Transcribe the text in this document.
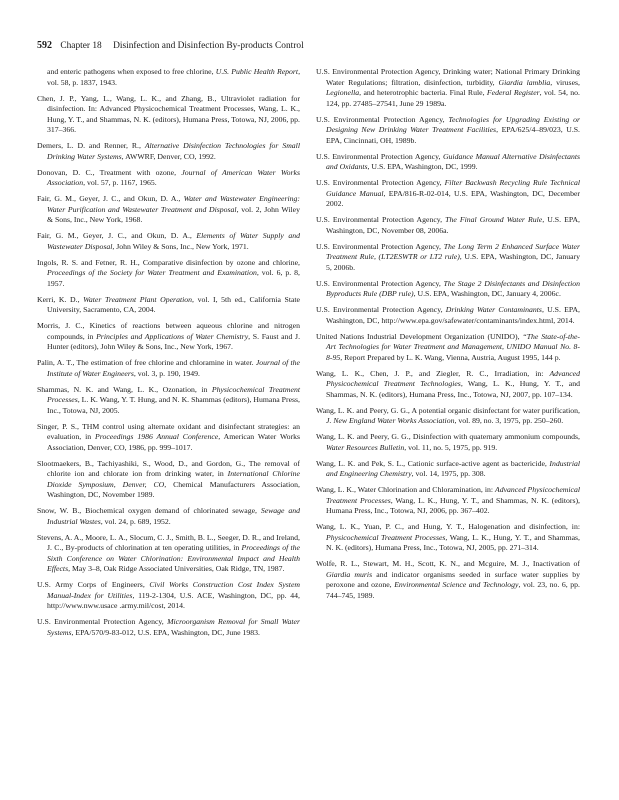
592 Chapter 18 Disinfection and Disinfection By-products Control

and enteric pathogens when exposed to free chlorine, U.S. Public Health Report, vol. 58, p. 1837, 1943.

Chen, J. P., Yang, L., Wang, L. K., and Zhang, B., Ultraviolet radiation for disinfection. In: Advanced Physicochemical Treatment Processes, Wang, L. K., Hung, Y. T., and Shammas, N. K. (editors), Humana Press, Totowa, NJ, 2006, pp. 317–366.

Demers, L. D. and Renner, R., Alternative Disinfection Technologies for Small Drinking Water Systems, AWWRF, Denver, CO, 1992.

Donovan, D. C., Treatment with ozone, Journal of American Water Works Association, vol. 57, p. 1167, 1965.

Fair, G. M., Geyer, J. C., and Okun, D. A., Water and Wastewater Engineering: Water Purification and Wastewater Treatment and Disposal, vol. 2, John Wiley & Sons, Inc., New York, 1968.

Fair, G. M., Geyer, J. C., and Okun, D. A., Elements of Water Supply and Wastewater Disposal, John Wiley & Sons, Inc., New York, 1971.

Ingols, R. S. and Fetner, R. H., Comparative disinfection by ozone and chlorine, Proceedings of the Society for Water Treatment and Examination, vol. 6, p. 8, 1957.

Kerri, K. D., Water Treatment Plant Operation, vol. I, 5th ed., California State University, Sacramento, CA, 2004.

Morris, J. C., Kinetics of reactions between aqueous chlorine and nitrogen compounds, in Principles and Applications of Water Chemistry, S. Faust and J. Hunter (editors), John Wiley & Sons, Inc., New York, 1967.

Palin, A. T., The estimation of free chlorine and chloramine in water. Journal of the Institute of Water Engineers, vol. 3, p. 190, 1949.

Shammas, N. K. and Wang, L. K., Ozonation, in Physicochemical Treatment Processes, L. K. Wang, Y. T. Hung, and N. K. Shammas (editors), Humana Press, Inc., Totowa, NJ, 2005.

Singer, P. S., THM control using alternate oxidant and disinfectant strategies: an evaluation, in Proceedings 1986 Annual Conference, American Water Works Association, Denver, CO, 1986, pp. 999–1017.

Slootmaekers, B., Tachiyashiki, S., Wood, D., and Gordon, G., The removal of chlorite ion and chlorate ion from drinking water, in International Chlorine Dioxide Symposium, Denver, CO, Chemical Manufacturers Association, Washington, DC, November 1989.

Snow, W. B., Biochemical oxygen demand of chlorinated sewage, Sewage and Industrial Wastes, vol. 24, p. 689, 1952.

Stevens, A. A., Moore, L. A., Slocum, C. J., Smith, B. L., Seeger, D. R., and Ireland, J. C., By-products of chlorination at ten operating utilities, in Proceedings of the Sixth Conference on Water Chlorination: Environmental Impact and Health Effects, May 3–8, Oak Ridge Associated Universities, Oak Ridge, TN, 1987.

U.S. Army Corps of Engineers, Civil Works Construction Cost Index System Manual-Index for Utilities, 119-2-1304, U.S. ACE, Washington, DC, pp. 44, http://www.nww.usace .army.mil/cost, 2014.

U.S. Environmental Protection Agency, Microorganism Removal for Small Water Systems, EPA/570/9-83-012, U.S. EPA, Washington, DC, June 1983.

U.S. Environmental Protection Agency, Drinking water; National Primary Drinking Water Regulations; filtration, disinfection, turbidity, Giardia lamblia, viruses, Legionella, and heterotrophic bacteria. Final Rule, Federal Register, vol. 54, no. 124, pp. 27485–27541, June 29 1989a.

U.S. Environmental Protection Agency, Technologies for Upgrading Existing or Designing New Drinking Water Treatment Facilities, EPA/625/4–89/023, U.S. EPA, Cincinnati, OH, 1989b.

U.S. Environmental Protection Agency, Guidance Manual Alternative Disinfectants and Oxidants, U.S. EPA, Washington, DC, 1999.

U.S. Environmental Protection Agency, Filter Backwash Recycling Rule Technical Guidance Manual, EPA/816-R-02-014, U.S. EPA, Washington, DC, December 2002.

U.S. Environmental Protection Agency, The Final Ground Water Rule, U.S. EPA, Washington, DC, November 08, 2006a.

U.S. Environmental Protection Agency, The Long Term 2 Enhanced Surface Water Treatment Rule, (LT2ESWTR or LT2 rule), U.S. EPA, Washington, DC, January 5, 2006b.

U.S. Environmental Protection Agency, The Stage 2 Disinfectants and Disinfection Byproducts Rule (DBP rule), U.S. EPA, Washington, DC, January 4, 2006c.

U.S. Environmental Protection Agency, Drinking Water Contaminants, U.S. EPA, Washington, DC, http://www.epa.gov/safewater/contaminants/index.html, 2014.

United Nations Industrial Development Organization (UNIDO), “The State-of-the-Art Technologies for Water Treatment and Management, UNIDO Manual No. 8-8-95, Report Prepared by L. K. Wang, Vienna, Austria, August 1995, 144 p.

Wang, L. K., Chen, J. P., and Ziegler, R. C., Irradiation, in: Advanced Physicochemical Treatment Technologies, Wang, L. K., Hung, Y. T., and Shammas, N. K. (editors), Humana Press, Inc., Totowa, NJ, 2007, pp. 107–134.

Wang, L. K. and Peery, G. G., A potential organic disinfectant for water purification, J. New England Water Works Association, vol. 89, no. 3, 1975, pp. 250–260.

Wang, L. K. and Peery, G. G., Disinfection with quaternary ammonium compounds, Water Resources Bulletin, vol. 11, no. 5, 1975, pp. 919.

Wang, L. K. and Pek, S. L., Cationic surface-active agent as bactericide, Industrial and Engineering Chemistry, vol. 14, 1975, pp. 308.

Wang, L. K., Water Chlorination and Chloramination, in: Advanced Physicochemical Treatment Processes, Wang, L. K., Hung, Y. T., and Shammas, N. K. (editors), Humana Press, Inc., Totowa, NJ, 2006, pp. 367–402.

Wang, L. K., Yuan, P. C., and Hung, Y. T., Halogenation and disinfection, in: Physicochemical Treatment Processes, Wang, L. K., Hung, Y. T., and Shammas, N. K. (editors), Humana Press, Inc., Totowa, NJ, 2005, pp. 271–314.

Wolfe, R. L., Stewart, M. H., Scott, K. N., and Mcguire, M. J., Inactivation of Giardia muris and indicator organisms seeded in surface water supplies by peroxone and ozone, Environmental Science and Technology, vol. 23, no. 6, pp. 744–745, 1989.
